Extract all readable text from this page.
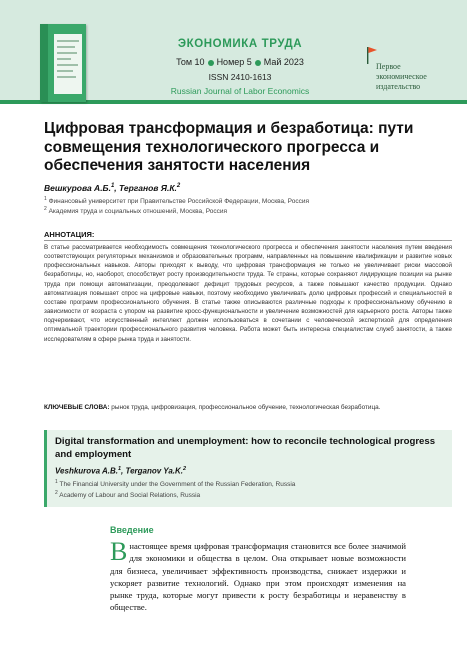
ЭКОНОМИКА ТРУДА
Том 10 Номер 5 Май 2023
ISSN 2410-1613
Russian Journal of Labor Economics
Первое
экономическое
издательство
Цифровая трансформация и безработица: пути совмещения технологического прогресса и обеспечения занятости населения
Вешкурова А.Б.$^1$, Терганов Я.К.$^2$
$^1$ Финансовый университет при Правительстве Российской Федерации, Москва, Россия
$^2$ Академия труда и социальных отношений, Москва, Россия
АННОТАЦИЯ:
В статье рассматривается необходимость совмещения технологического прогресса и обеспечения занятости населения путем введения соответствующих регуляторных механизмов и образовательных программ, направленных на повышение квалификации и развитие новых профессиональных навыков. Авторы приходят к выводу, что цифровая трансформация не только не увеличивает риски массовой безработицы, но, наоборот, способствует росту производительности труда. Те страны, которые сохраняют лидирующие позиции на рынке труда при помощи автоматизации, преодолевают дефицит трудовых ресурсов, а также повышают качество продукции. Однако автоматизация повышает спрос на цифровые навыки, поэтому необходимо увеличивать долю цифровых профессий и специальностей в составе программ профессионального обучения. В статье также описываются различные подходы к профессиональному обучению в зависимости от возраста с упором на развитие кросс-функциональности и увеличение возможностей для карьерного роста. Авторы также подчеркивают, что искусственный интеллект должен использоваться в сочетании с человеческой экспертизой для определения оптимальной траектории профессионального развития человека. Работа может быть интересна специалистам служб занятости, а также исследователям в сфере рынка труда и занятости.
КЛЮЧЕВЫЕ СЛОВА: рынок труда, цифровизация, профессиональное обучение, технологическая безработица.
Digital transformation and unemployment: how to reconcile technological progress and employment
Veshkurova A.B.$^1$, Terganov Ya.K.$^2$
$^1$ The Financial University under the Government of the Russian Federation, Russia
$^2$ Academy of Labour and Social Relations, Russia
Введение
Внастоящее время цифровая трансформация становится все более значимой для экономики и общества в целом. Она открывает новые возможности для бизнеса, увеличивает эффективность производства, снижает издержки и ускоряет развитие технологий. Однако при этом происходят изменения на рынке труда, которые могут привести к росту безработицы и неравенству в обществе.
